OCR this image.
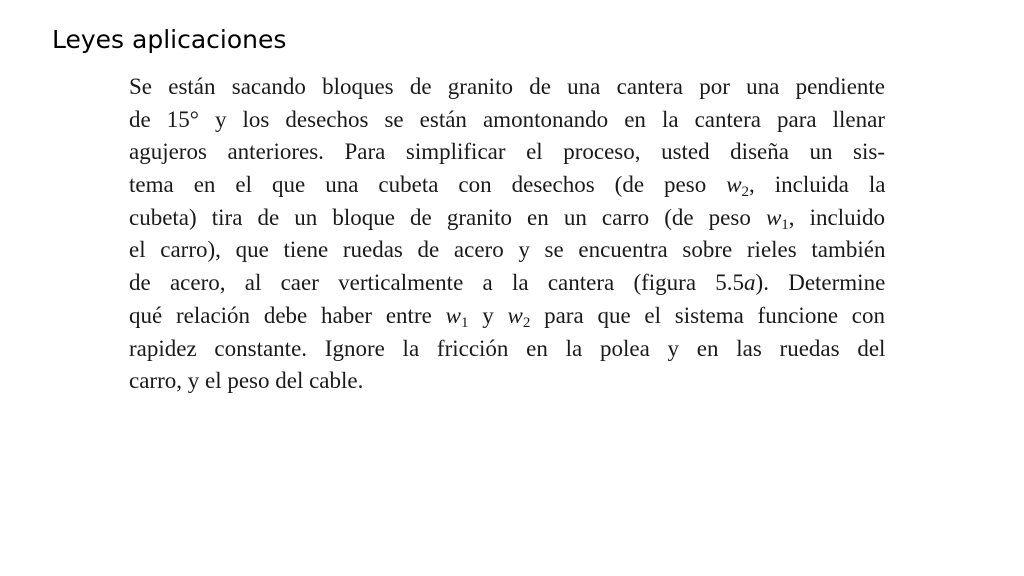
Leyes aplicaciones
Se están sacando bloques de granito de una cantera por una pendiente
de 15° y los desechos se están amontonando en la cantera para llenar
agujeros anteriores. Para simplificar el proceso, usted diseña un sis-
tema en el que una cubeta con desechos (de peso $w_2$, incluida la
cubeta) tira de un bloque de granito en un carro (de peso $w_1$, incluido
el carro), que tiene ruedas de acero y se encuentra sobre rieles también
de acero, al caer verticalmente a la cantera (figura 5.5a). Determine
qué relación debe haber entre $w_1$ y $w_2$ para que el sistema funcione con
rapidez constante. Ignore la fricción en la polea y en las ruedas del
carro, y el peso del cable.
